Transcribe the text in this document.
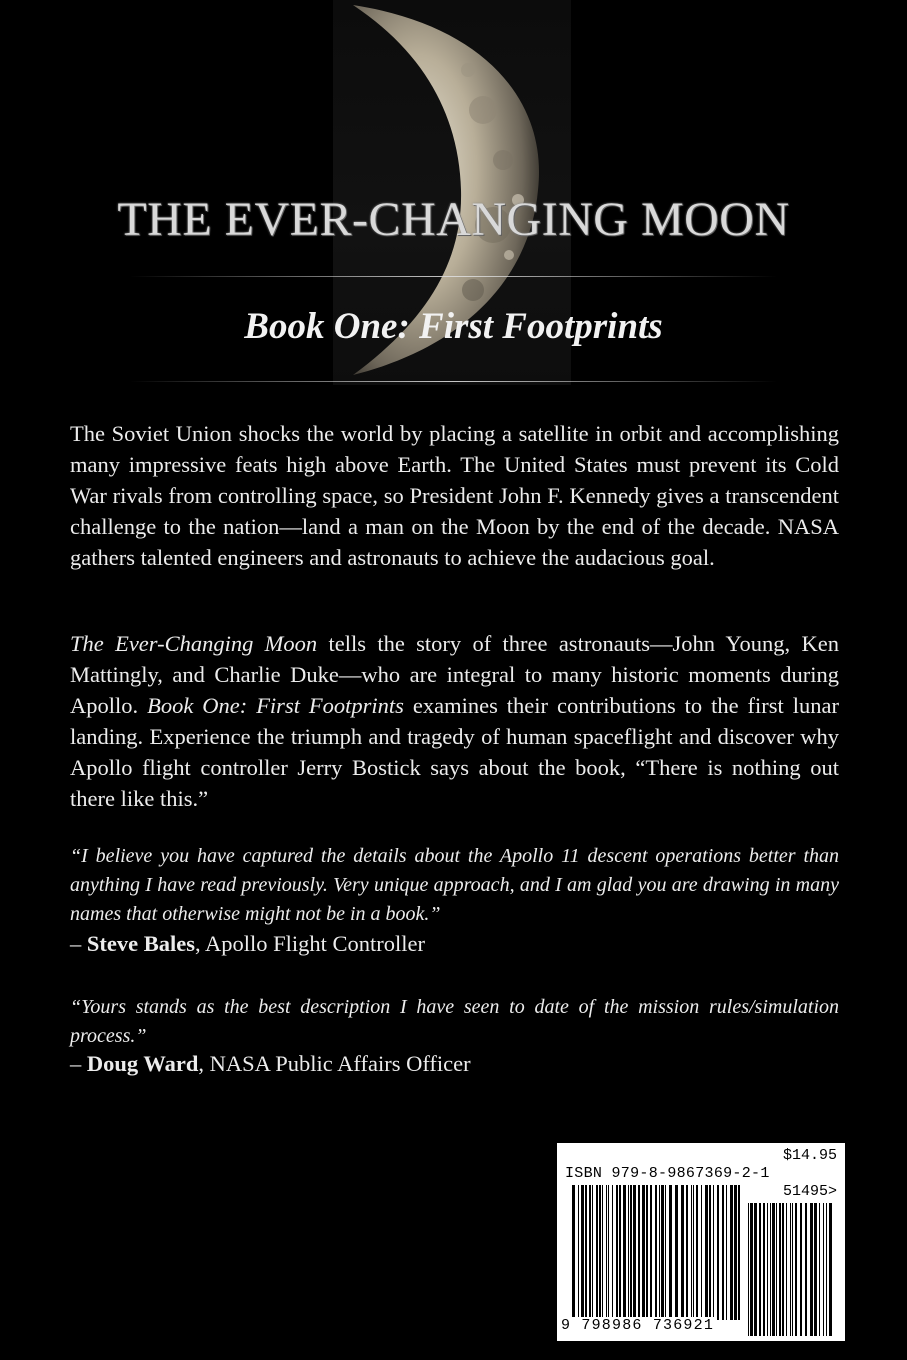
THE EVER-CHANGING MOON
Book One: First Footprints

The Soviet Union shocks the world by placing a satellite in orbit and accomplishing many impressive feats high above Earth. The United States must prevent its Cold War rivals from controlling space, so President John F. Kennedy gives a transcendent challenge to the nation—land a man on the Moon by the end of the decade. NASA gathers talented engineers and astronauts to achieve the audacious goal.

The Ever-Changing Moon tells the story of three astronauts—John Young, Ken Mattingly, and Charlie Duke—who are integral to many historic moments during Apollo. Book One: First Footprints examines their contributions to the first lunar landing. Experience the triumph and tragedy of human spaceflight and discover why Apollo flight controller Jerry Bostick says about the book, “There is nothing out there like this.”

“I believe you have captured the details about the Apollo 11 descent operations better than anything I have read previously. Very unique approach, and I am glad you are drawing in many names that otherwise might not be in a book.”

– Steve Bales, Apollo Flight Controller

“Yours stands as the best description I have seen to date of the mission rules/simulation process.”

– Doug Ward, NASA Public Affairs Officer

$14.95

ISBN 979-8-9867369-2-1

51495>

9 798986 736921
